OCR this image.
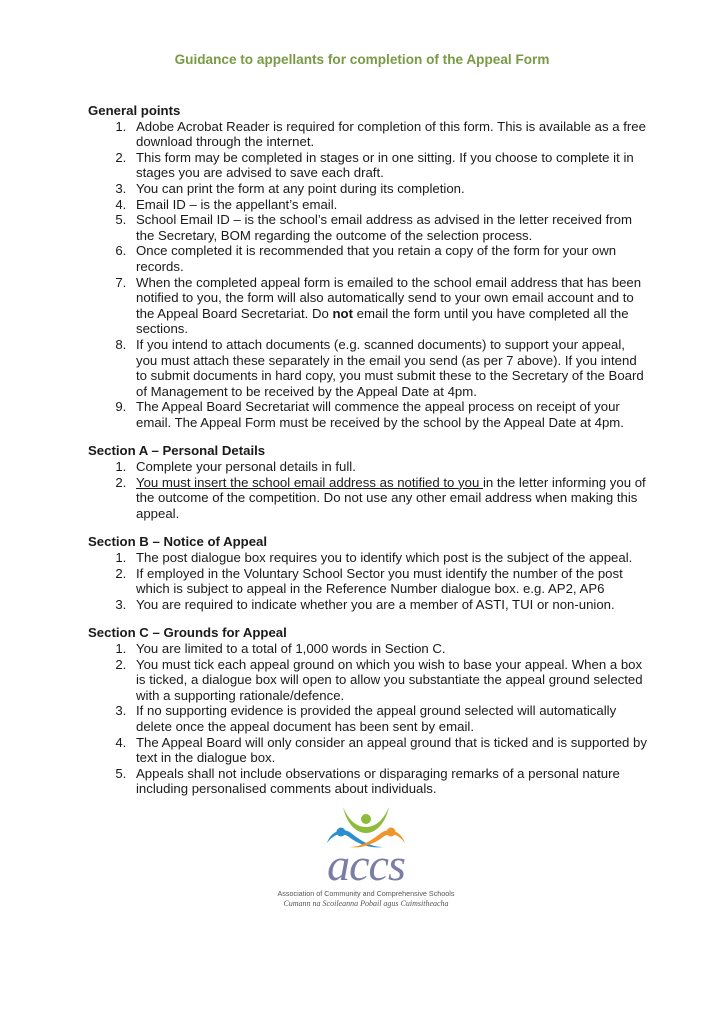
Guidance to appellants for completion of the Appeal Form
General points
1. Adobe Acrobat Reader is required for completion of this form. This is available as a free download through the internet.
2. This form may be completed in stages or in one sitting. If you choose to complete it in stages you are advised to save each draft.
3. You can print the form at any point during its completion.
4. Email ID – is the appellant’s email.
5. School Email ID – is the school’s email address as advised in the letter received from the Secretary, BOM regarding the outcome of the selection process.
6. Once completed it is recommended that you retain a copy of the form for your own records.
7. When the completed appeal form is emailed to the school email address that has been notified to you, the form will also automatically send to your own email account and to the Appeal Board Secretariat. Do not email the form until you have completed all the sections.
8. If you intend to attach documents (e.g. scanned documents) to support your appeal, you must attach these separately in the email you send (as per 7 above). If you intend to submit documents in hard copy, you must submit these to the Secretary of the Board of Management to be received by the Appeal Date at 4pm.
9. The Appeal Board Secretariat will commence the appeal process on receipt of your email. The Appeal Form must be received by the school by the Appeal Date at 4pm.
Section A – Personal Details
1. Complete your personal details in full.
2. You must insert the school email address as notified to you in the letter informing you of the outcome of the competition. Do not use any other email address when making this appeal.
Section B – Notice of Appeal
1. The post dialogue box requires you to identify which post is the subject of the appeal.
2. If employed in the Voluntary School Sector you must identify the number of the post which is subject to appeal in the Reference Number dialogue box. e.g. AP2, AP6
3. You are required to indicate whether you are a member of ASTI, TUI or non-union.
Section C – Grounds for Appeal
1. You are limited to a total of 1,000 words in Section C.
2. You must tick each appeal ground on which you wish to base your appeal. When a box is ticked, a dialogue box will open to allow you substantiate the appeal ground selected with a supporting rationale/defence.
3. If no supporting evidence is provided the appeal ground selected will automatically delete once the appeal document has been sent by email.
4. The Appeal Board will only consider an appeal ground that is ticked and is supported by text in the dialogue box.
5. Appeals shall not include observations or disparaging remarks of a personal nature including personalised comments about individuals.
accs
Association of Community and Comprehensive Schools
Cumann na Scoileanna Pobail agus Cuimsitheacha
